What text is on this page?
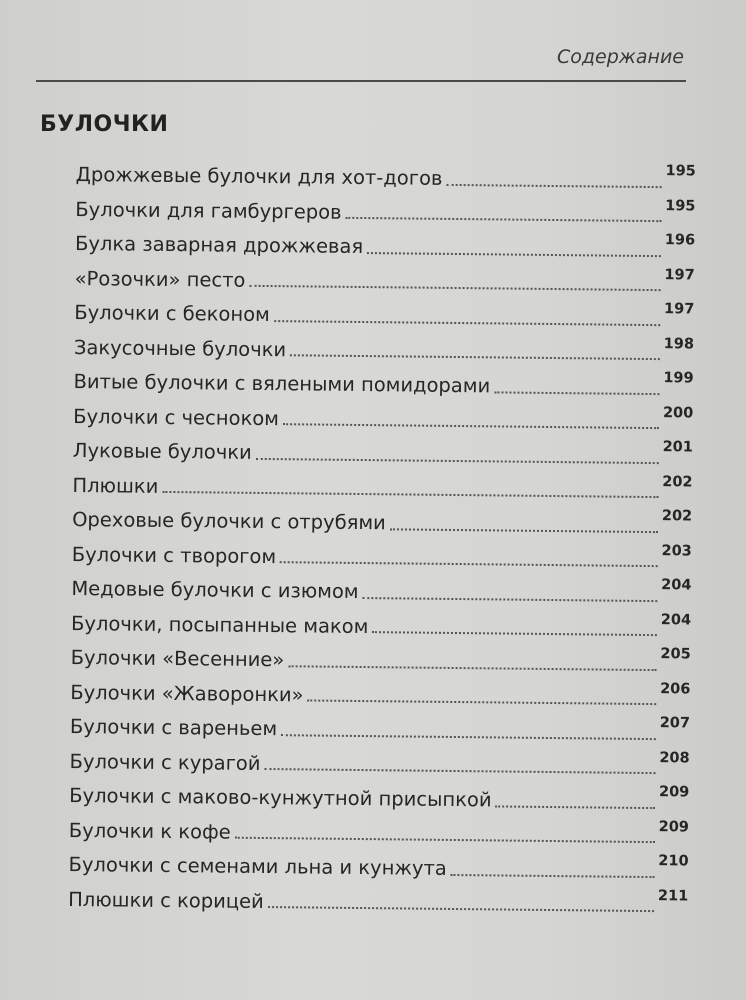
Содержание
БУЛОЧКИ
Дрожжевые булочки для хот-догов	195
Булочки для гамбургеров	195
Булка заварная дрожжевая	196
«Розочки» песто	197
Булочки с беконом	197
Закусочные булочки	198
Витые булочки с вялеными помидорами	199
Булочки с чесноком	200
Луковые булочки	201
Плюшки	202
Ореховые булочки с отрубями	202
Булочки с творогом	203
Медовые булочки с изюмом	204
Булочки, посыпанные маком	204
Булочки «Весенние»	205
Булочки «Жаворонки»	206
Булочки с вареньем	207
Булочки с курагой	208
Булочки с маково-кунжутной присыпкой	209
Булочки к кофе	209
Булочки с семенами льна и кунжута	210
Плюшки с корицей	211
